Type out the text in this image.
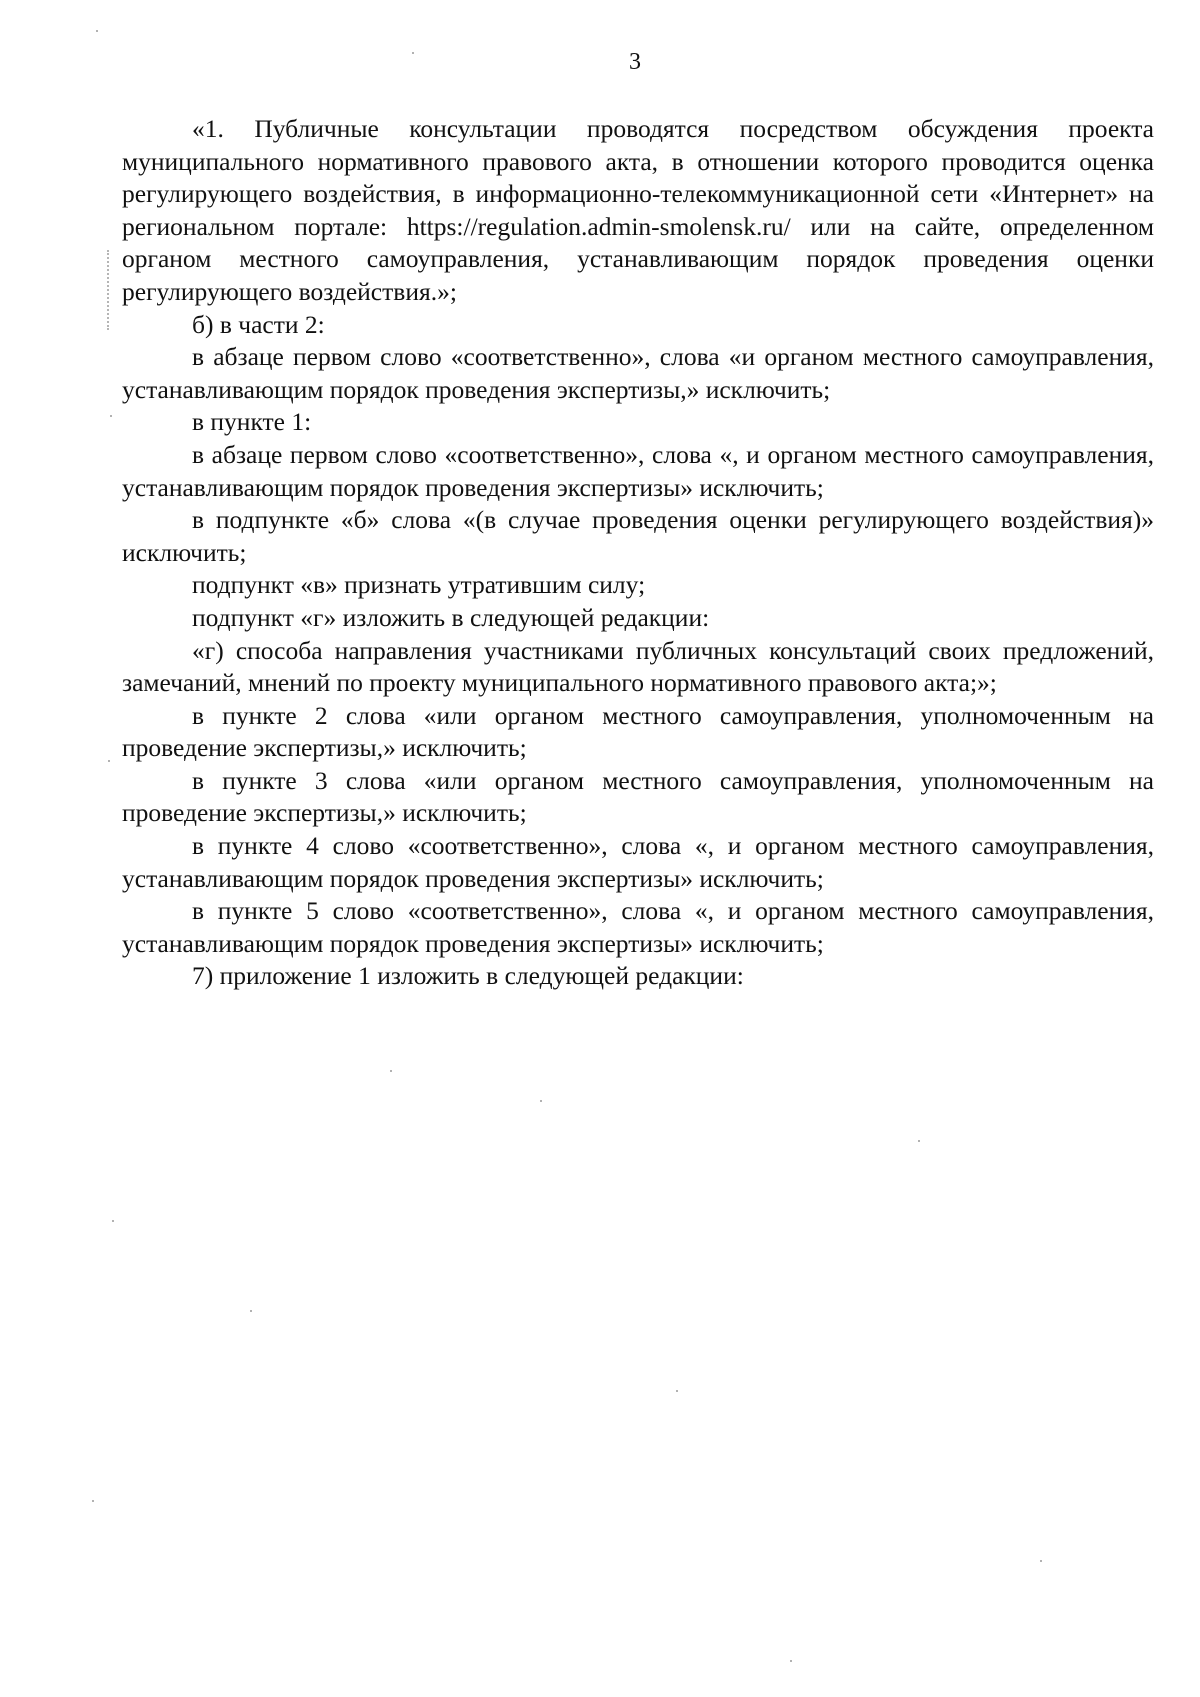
3

«1. Публичные консультации проводятся посредством обсуждения проекта муниципального нормативного правового акта, в отношении которого проводится оценка регулирующего воздействия, в информационно-телекоммуникационной сети «Интернет» на региональном портале: https://regulation.admin-smolensk.ru/ или на сайте, определенном органом местного самоуправления, устанавливающим порядок проведения оценки регулирующего воздействия.»;

б) в части 2:

в абзаце первом слово «соответственно», слова «и органом местного самоуправления, устанавливающим порядок проведения экспертизы,» исключить;

в пункте 1:

в абзаце первом слово «соответственно», слова «, и органом местного самоуправления, устанавливающим порядок проведения экспертизы» исключить;

в подпункте «б» слова «(в случае проведения оценки регулирующего воздействия)» исключить;

подпункт «в» признать утратившим силу;

подпункт «г» изложить в следующей редакции:

«г) способа направления участниками публичных консультаций своих предложений, замечаний, мнений по проекту муниципального нормативного правового акта;»;

в пункте 2 слова «или органом местного самоуправления, уполномоченным на проведение экспертизы,» исключить;

в пункте 3 слова «или органом местного самоуправления, уполномоченным на проведение экспертизы,» исключить;

в пункте 4 слово «соответственно», слова «, и органом местного самоуправления, устанавливающим порядок проведения экспертизы» исключить;

в пункте 5 слово «соответственно», слова «, и органом местного самоуправления, устанавливающим порядок проведения экспертизы» исключить;

7) приложение 1 изложить в следующей редакции:
